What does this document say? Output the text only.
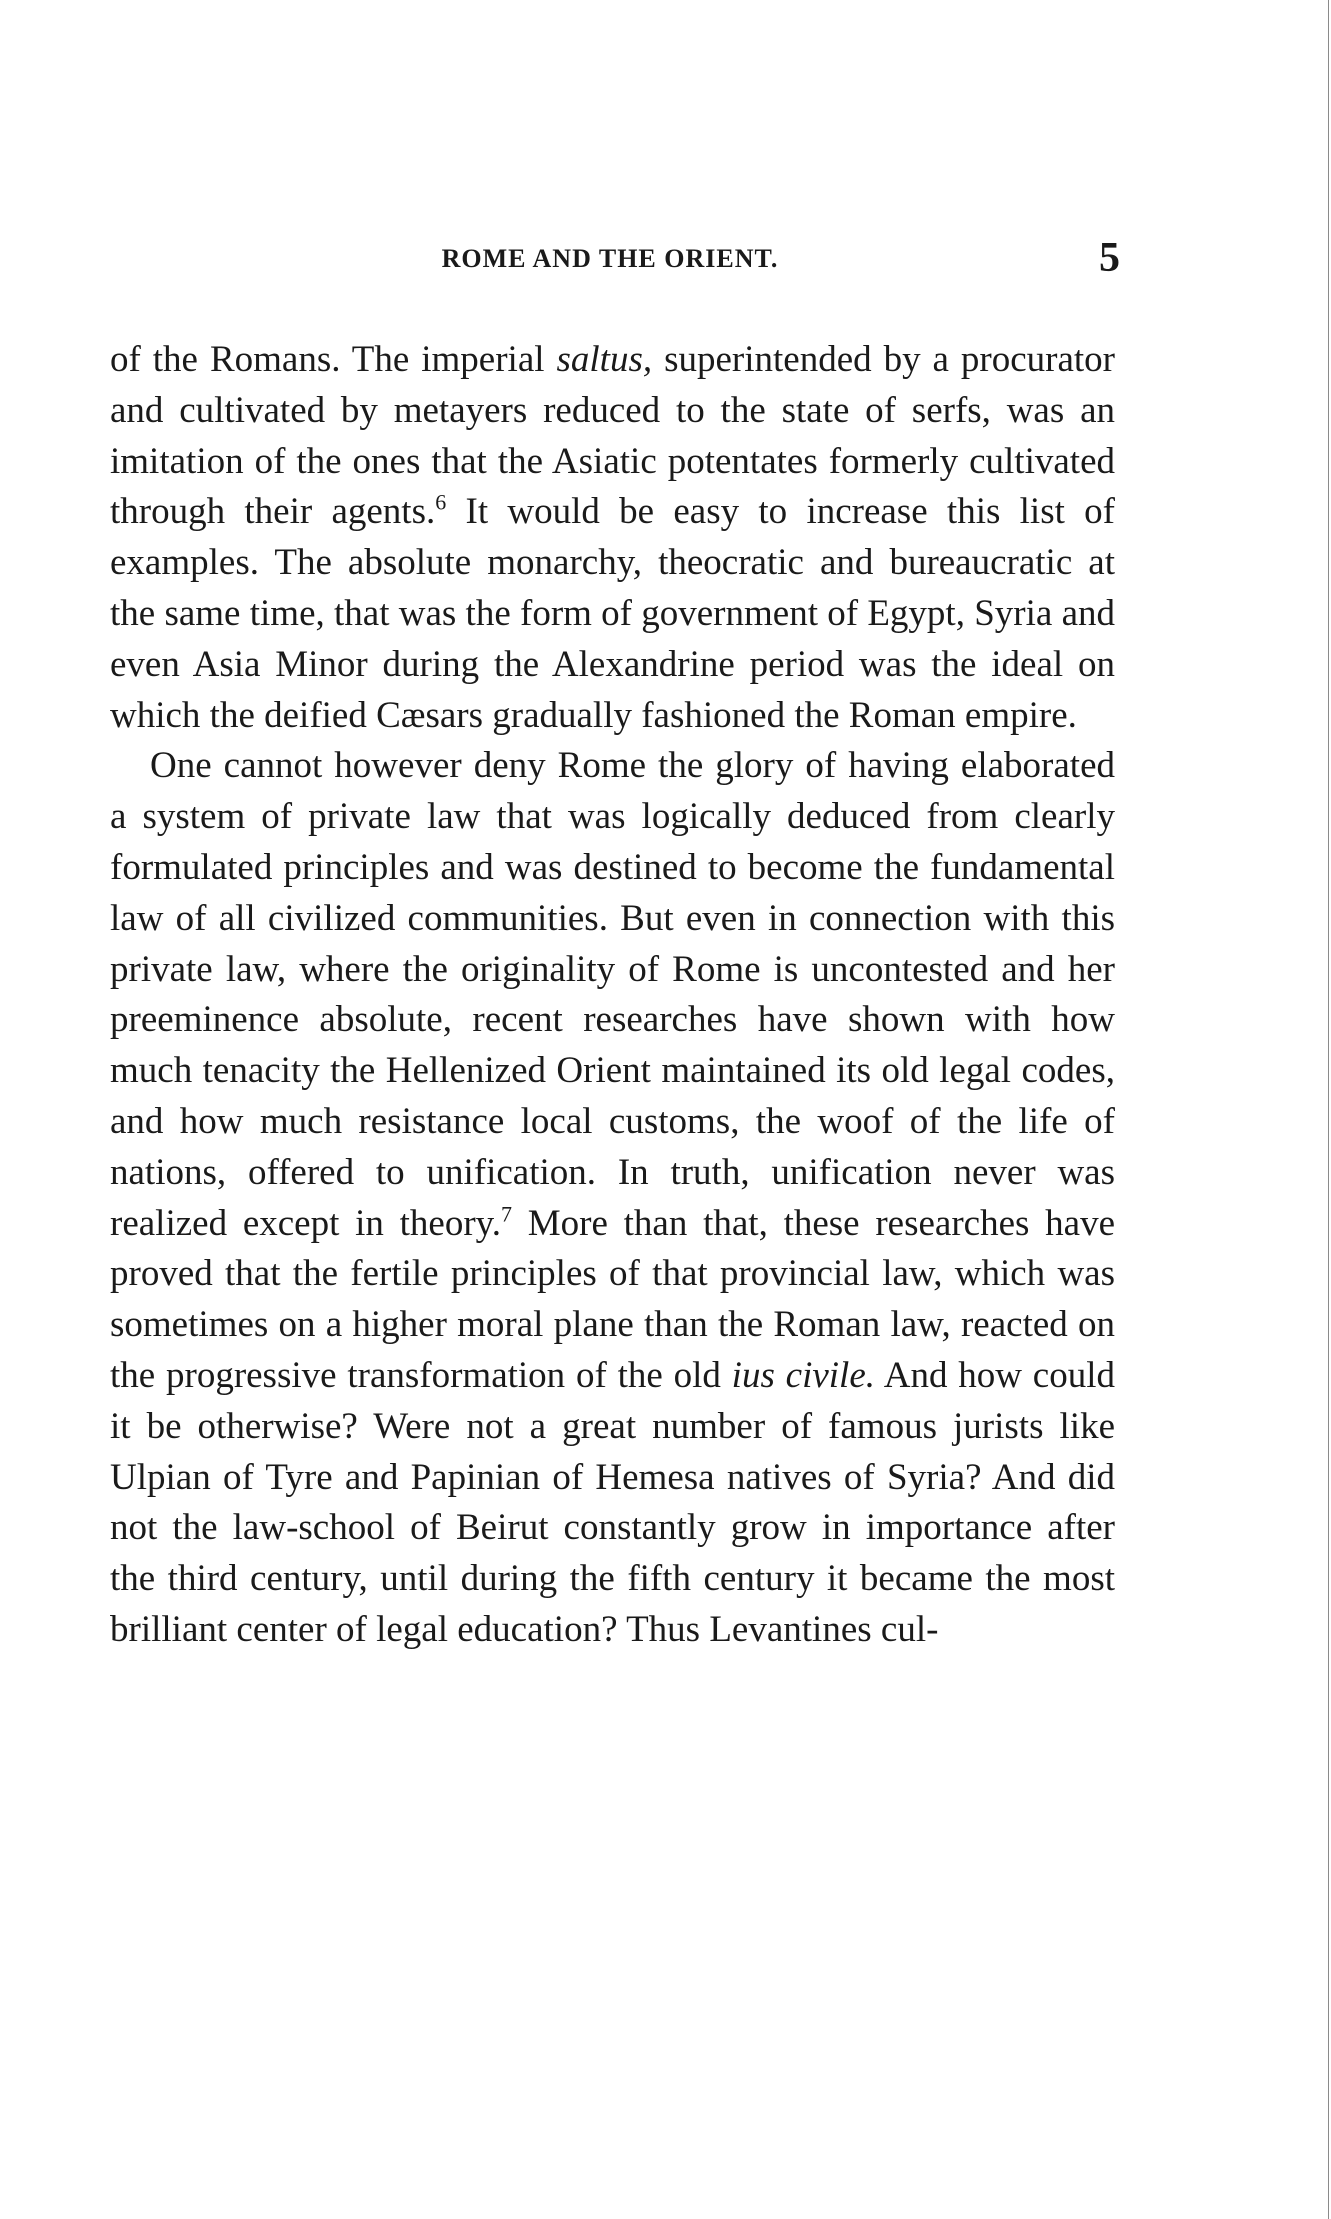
ROME AND THE ORIENT.	5

of the Romans. The imperial saltus, superintended by a procurator and cultivated by metayers reduced to the state of serfs, was an imitation of the ones that the Asiatic potentates formerly cultivated through their agents.$^6$ It would be easy to increase this list of examples. The absolute monarchy, theocratic and bureaucratic at the same time, that was the form of government of Egypt, Syria and even Asia Minor during the Alexandrine period was the ideal on which the deified Cæsars gradually fashioned the Roman empire.

One cannot however deny Rome the glory of having elaborated a system of private law that was logically deduced from clearly formulated principles and was destined to become the fundamental law of all civilized communities. But even in connection with this private law, where the originality of Rome is uncontested and her preeminence absolute, recent researches have shown with how much tenacity the Hellenized Orient maintained its old legal codes, and how much resistance local customs, the woof of the life of nations, offered to unification. In truth, unification never was realized except in theory.$^7$ More than that, these researches have proved that the fertile principles of that provincial law, which was sometimes on a higher moral plane than the Roman law, reacted on the progressive transformation of the old ius civile. And how could it be otherwise? Were not a great number of famous jurists like Ulpian of Tyre and Papinian of Hemesa natives of Syria? And did not the law-school of Beirut constantly grow in importance after the third century, until during the fifth century it became the most brilliant center of legal education? Thus Levantines cul-
